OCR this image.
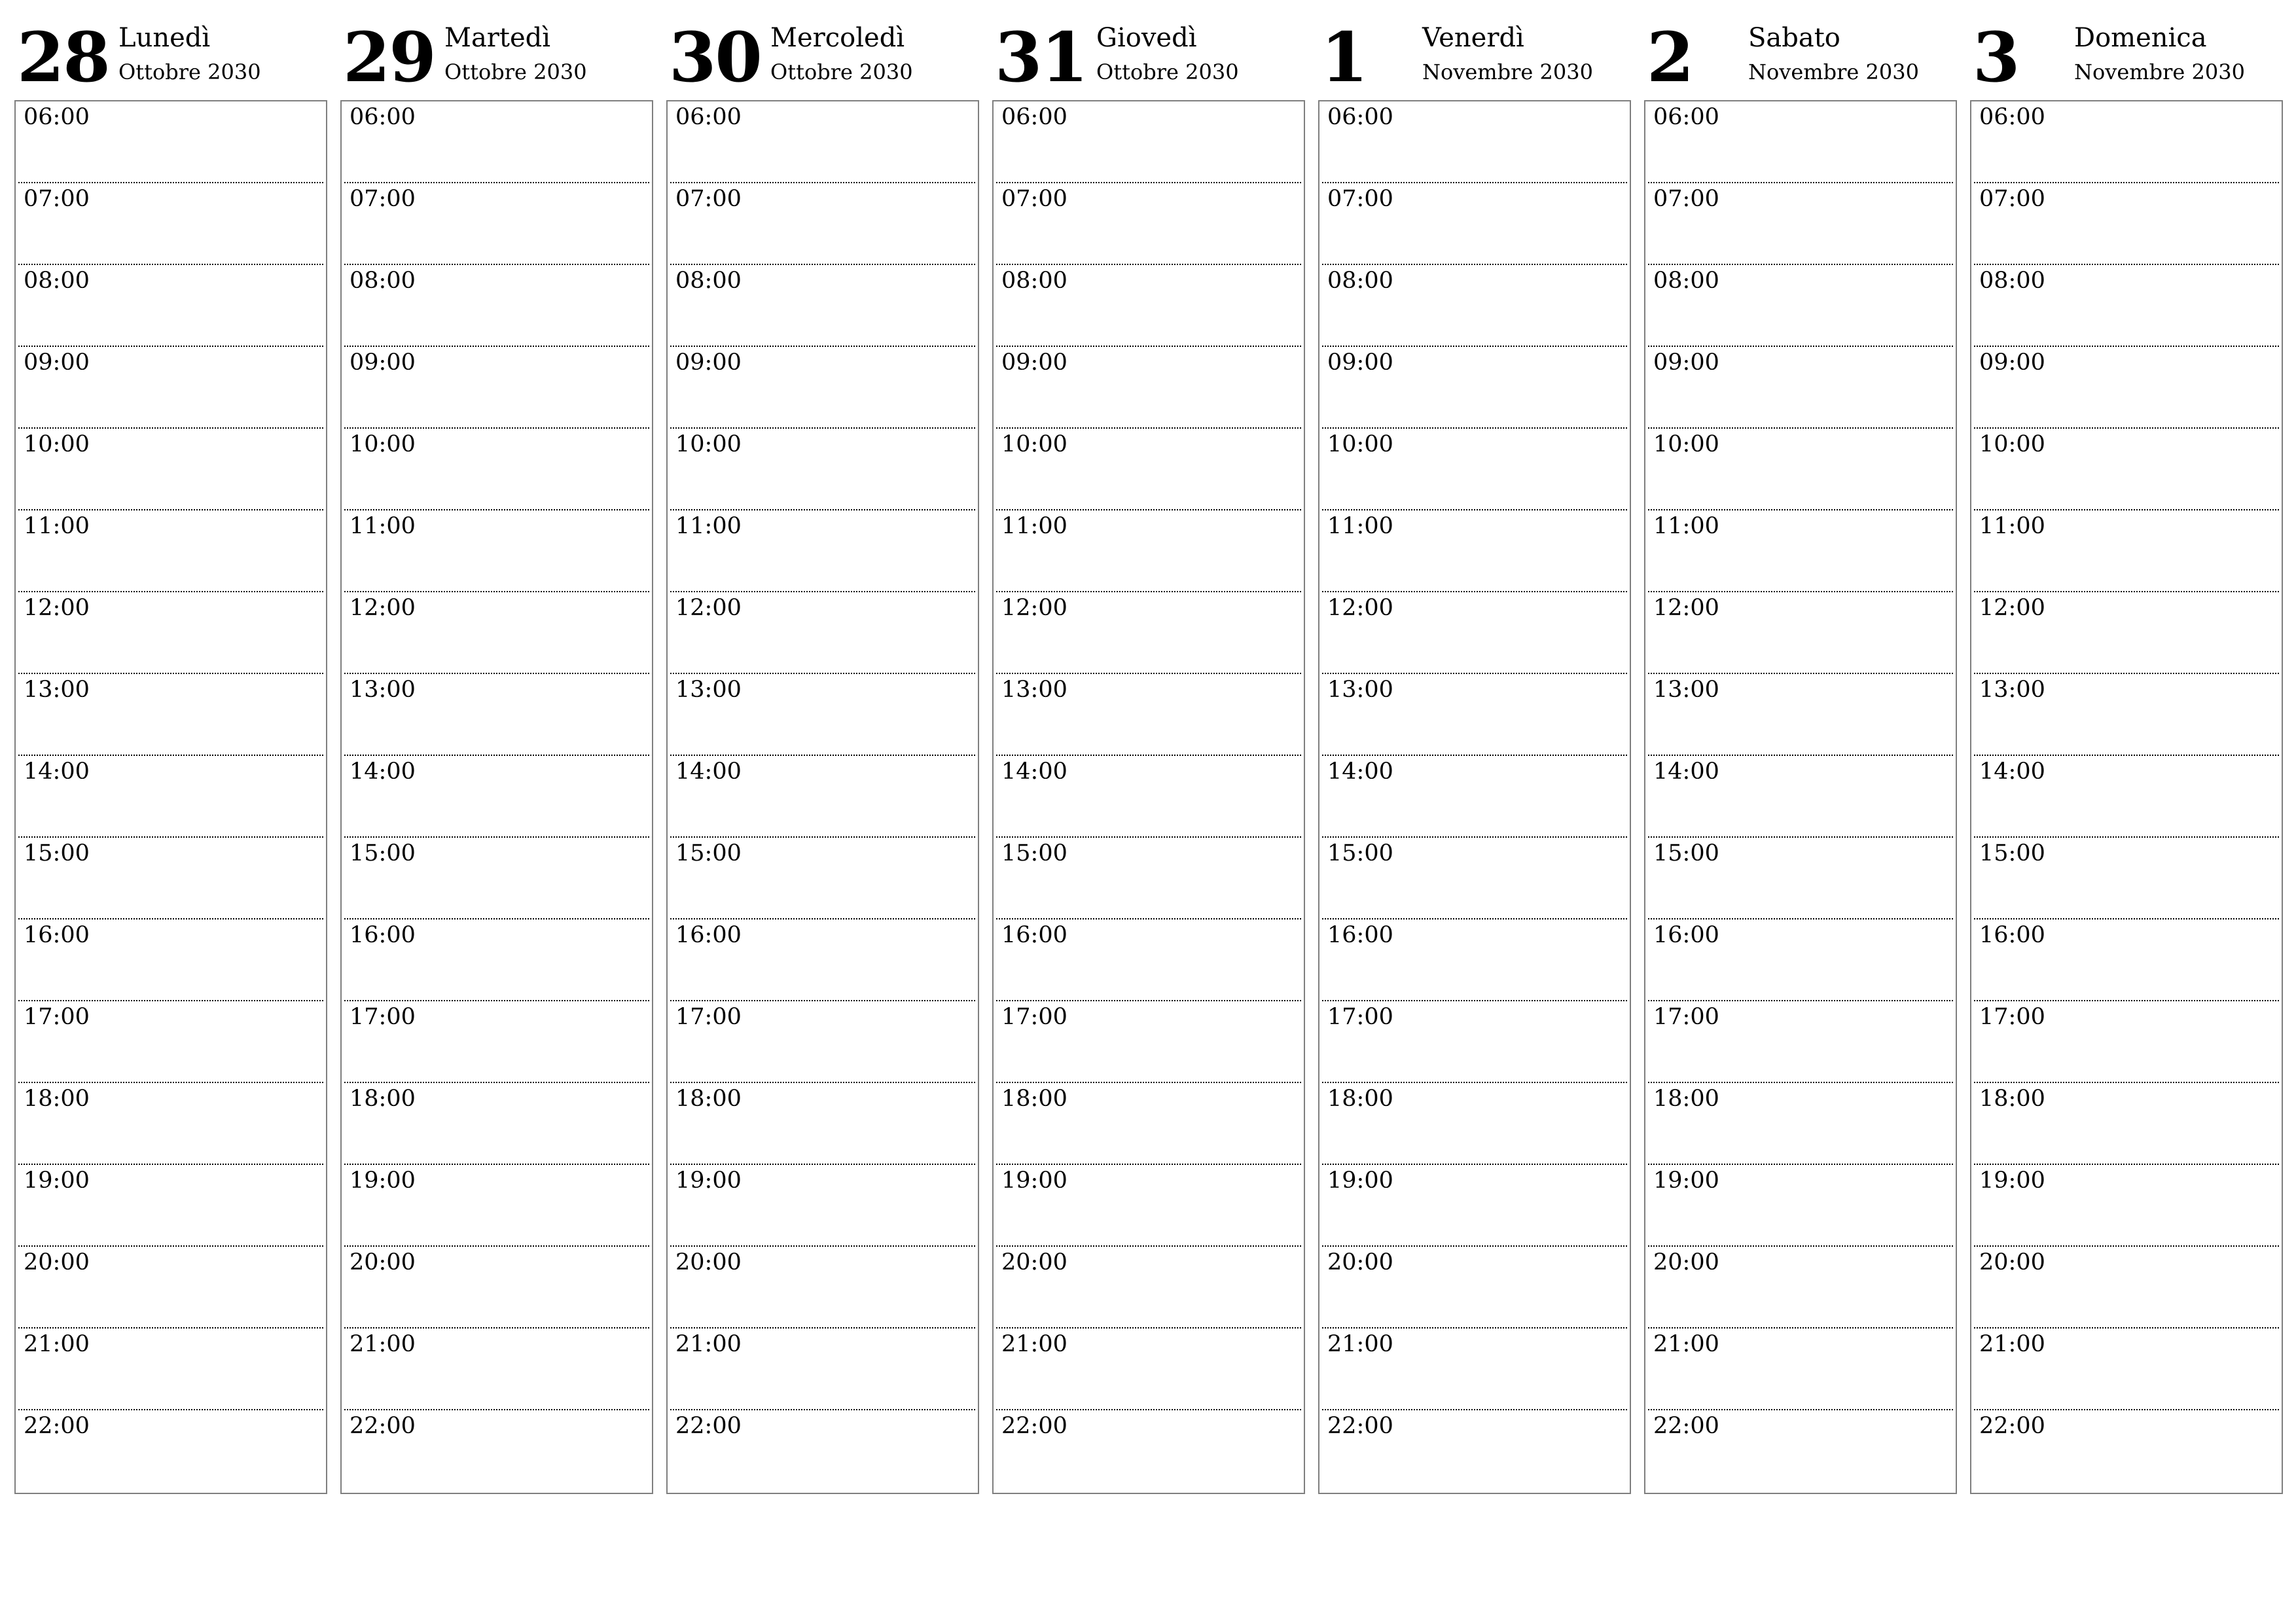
28 Lunedì
Ottobre 2030
06:00
07:00
08:00
09:00
10:00
11:00
12:00
13:00
14:00
15:00
16:00
17:00
18:00
19:00
20:00
21:00
22:00
29 Martedì
Ottobre 2030
06:00
07:00
08:00
09:00
10:00
11:00
12:00
13:00
14:00
15:00
16:00
17:00
18:00
19:00
20:00
21:00
22:00
30 Mercoledì
Ottobre 2030
06:00
07:00
08:00
09:00
10:00
11:00
12:00
13:00
14:00
15:00
16:00
17:00
18:00
19:00
20:00
21:00
22:00
31 Giovedì
Ottobre 2030
06:00
07:00
08:00
09:00
10:00
11:00
12:00
13:00
14:00
15:00
16:00
17:00
18:00
19:00
20:00
21:00
22:00
1 Venerdì
Novembre 2030
06:00
07:00
08:00
09:00
10:00
11:00
12:00
13:00
14:00
15:00
16:00
17:00
18:00
19:00
20:00
21:00
22:00
2 Sabato
Novembre 2030
06:00
07:00
08:00
09:00
10:00
11:00
12:00
13:00
14:00
15:00
16:00
17:00
18:00
19:00
20:00
21:00
22:00
3 Domenica
Novembre 2030
06:00
07:00
08:00
09:00
10:00
11:00
12:00
13:00
14:00
15:00
16:00
17:00
18:00
19:00
20:00
21:00
22:00
